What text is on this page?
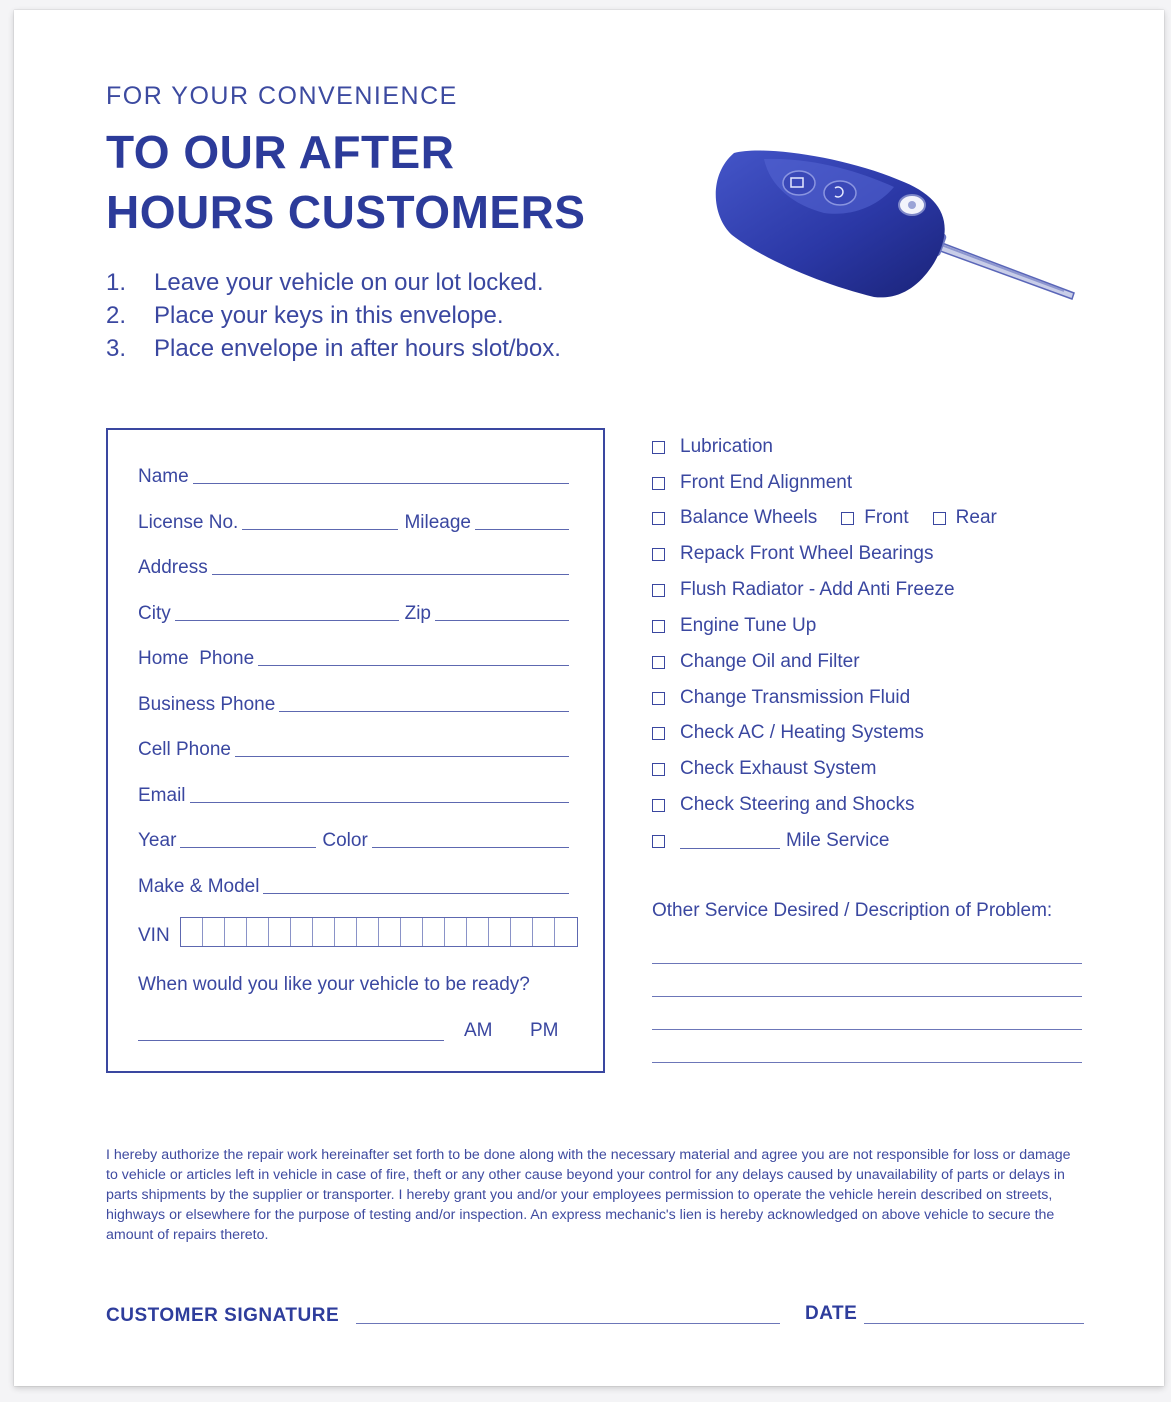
FOR YOUR CONVENIENCE
TO OUR AFTER
HOURS CUSTOMERS
1. Leave your vehicle on our lot locked.
2. Place your keys in this envelope.
3. Place envelope in after hours slot/box.
Name
License No.	Mileage
Address
City	Zip
Home  Phone
Business Phone
Cell Phone
Email
Year	Color
Make & Model
VIN
When would you like your vehicle to be ready?
AM PM
Lubrication
Front End Alignment
Balance Wheels Front Rear
Repack Front Wheel Bearings
Flush Radiator - Add Anti Freeze
Engine Tune Up
Change Oil and Filter
Change Transmission Fluid
Check AC / Heating Systems
Check Exhaust System
Check Steering and Shocks
Mile Service
Other Service Desired / Description of Problem:
I hereby authorize the repair work hereinafter set forth to be done along with the necessary material and agree you are not responsible for loss or damage to vehicle or articles left in vehicle in case of fire, theft or any other cause beyond your control for any delays caused by unavailability of parts or delays in parts shipments by the supplier or transporter. I hereby grant you and/or your employees permission to operate the vehicle herein described on streets, highways or elsewhere for the purpose of testing and/or inspection. An express mechanic's lien is hereby acknowledged on above vehicle to secure the amount of repairs thereto.
CUSTOMER SIGNATURE	DATE
